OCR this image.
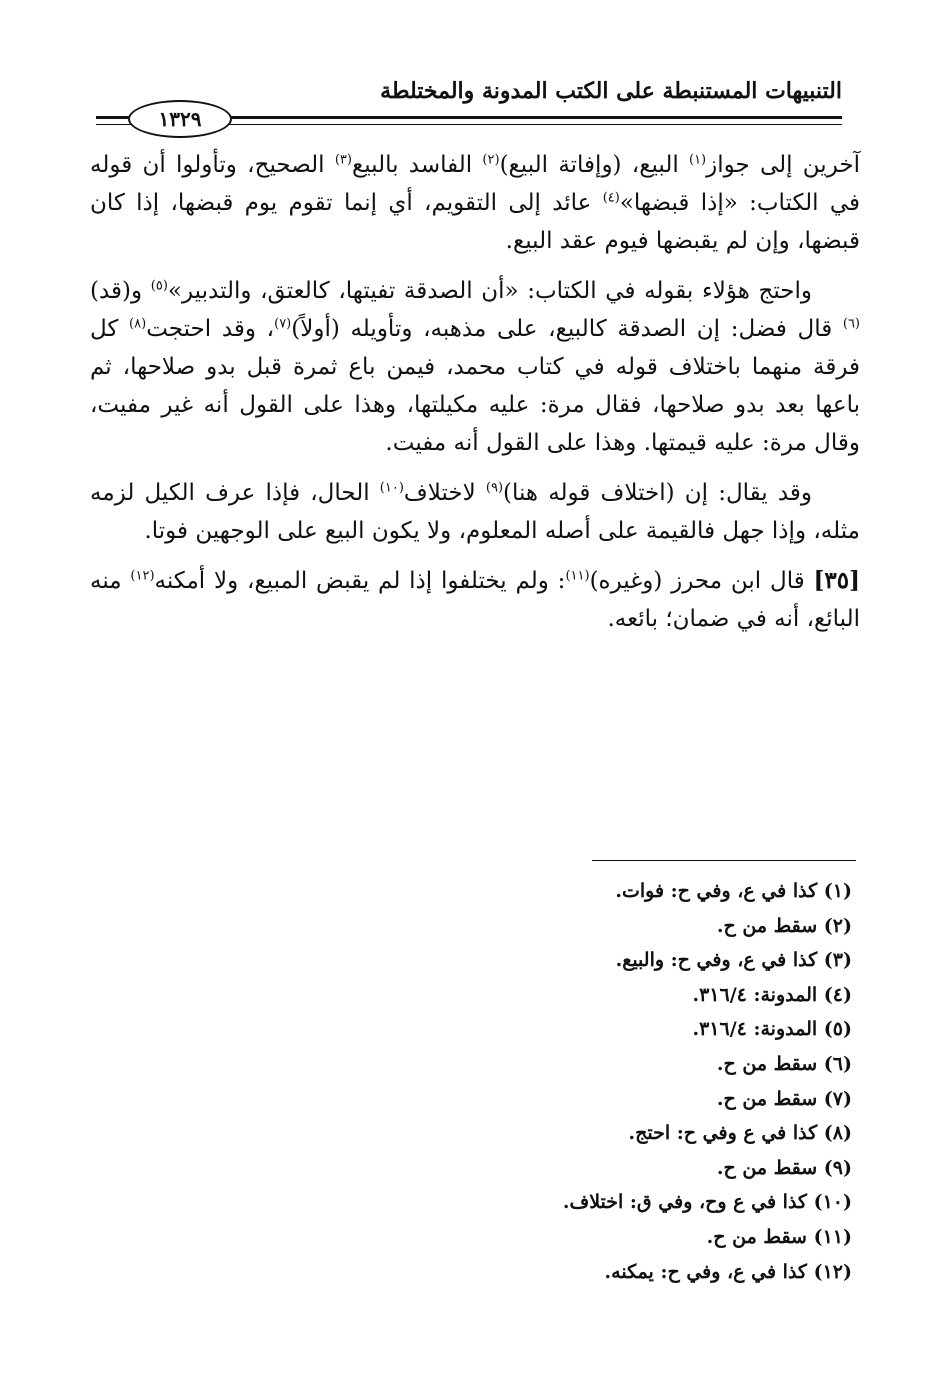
التنبيهات المستنبطة على الكتب المدونة والمختلطة
١٣٢٩

آخرين إلى جواز$^{(١)}$ البيع، (وإفاتة البيع)$^{(٢)}$ الفاسد بالبيع$^{(٣)}$ الصحيح، وتأولوا أن قوله في الكتاب: «إذا قبضها»$^{(٤)}$ عائد إلى التقويم، أي إنما تقوم يوم قبضها، إذا كان قبضها، وإن لم يقبضها فيوم عقد البيع.

واحتج هؤلاء بقوله في الكتاب: «أن الصدقة تفيتها، كالعتق، والتدبير»$^{(٥)}$ و(قد)$^{(٦)}$ قال فضل: إن الصدقة كالبيع، على مذهبه، وتأويله (أولاً)$^{(٧)}$، وقد احتجت$^{(٨)}$ كل فرقة منهما باختلاف قوله في كتاب محمد، فيمن باع ثمرة قبل بدو صلاحها، ثم باعها بعد بدو صلاحها، فقال مرة: عليه مكيلتها، وهذا على القول أنه غير مفيت، وقال مرة: عليه قيمتها. وهذا على القول أنه مفيت.

وقد يقال: إن (اختلاف قوله هنا)$^{(٩)}$ لاختلاف$^{(١٠)}$ الحال، فإذا عرف الكيل لزمه مثله، وإذا جهل فالقيمة على أصله المعلوم، ولا يكون البيع على الوجهين فوتا.

[٣٥] قال ابن محرز (وغيره)$^{(١١)}$: ولم يختلفوا إذا لم يقبض المبيع، ولا أمكنه$^{(١٢)}$ منه البائع، أنه في ضمان؛ بائعه.

(١) كذا في ع، وفي ح: فوات.
(٢) سقط من ح.
(٣) كذا في ع، وفي ح: والبيع.
(٤) المدونة: ٣١٦/٤.
(٥) المدونة: ٣١٦/٤.
(٦) سقط من ح.
(٧) سقط من ح.
(٨) كذا في ع وفي ح: احتج.
(٩) سقط من ح.
(١٠) كذا في ع وح، وفي ق: اختلاف.
(١١) سقط من ح.
(١٢) كذا في ع، وفي ح: يمكنه.
